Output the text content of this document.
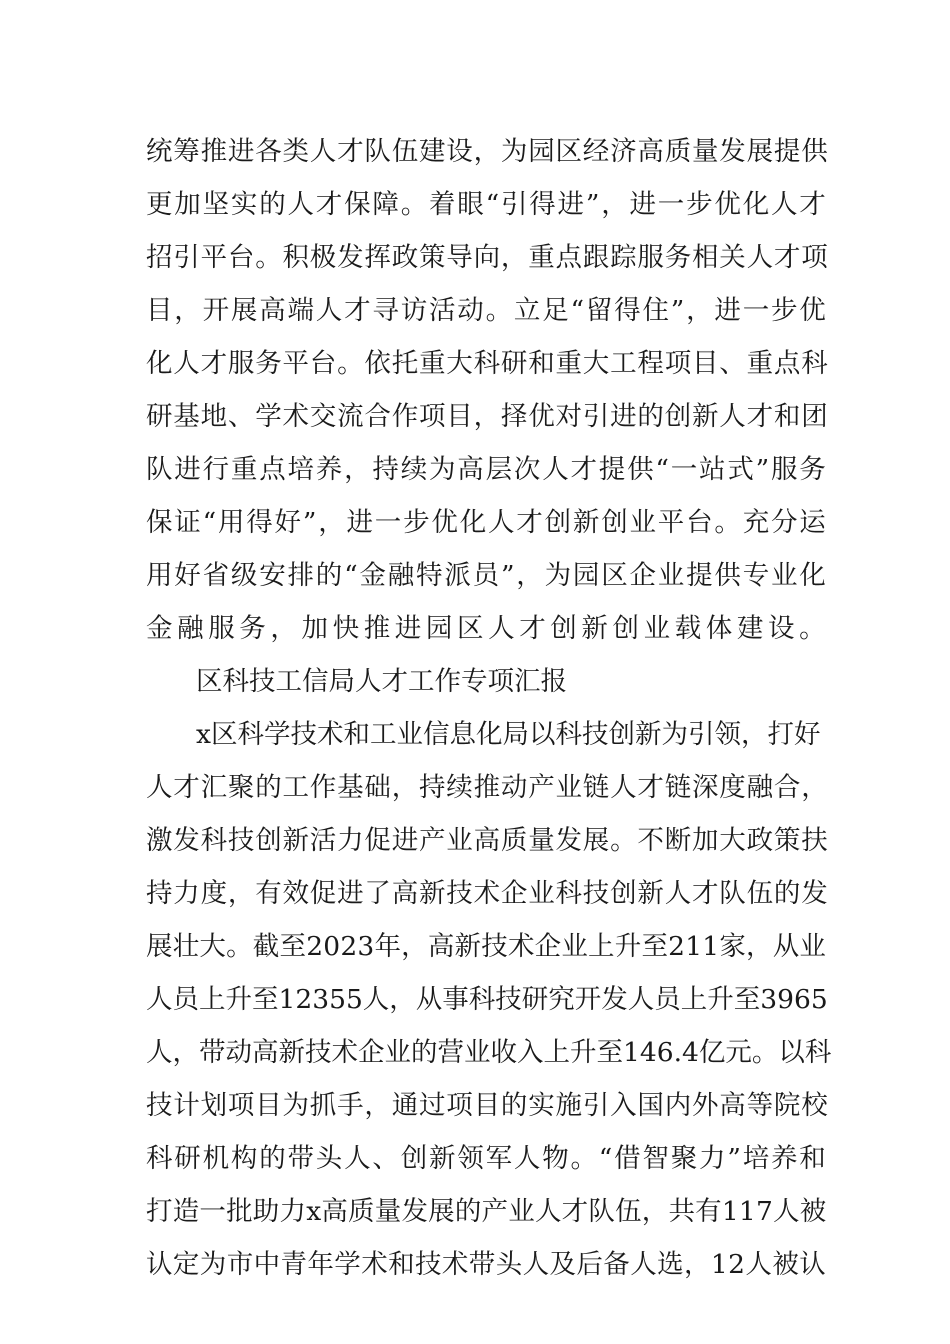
统筹推进各类人才队伍建设，为园区经济高质量发展提供
更加坚实的人才保障。着眼“引得进”，进一步优化人才
招引平台。积极发挥政策导向，重点跟踪服务相关人才项
目，开展高端人才寻访活动。立足“留得住”，进一步优
化人才服务平台。依托重大科研和重大工程项目、重点科
研基地、学术交流合作项目，择优对引进的创新人才和团
队进行重点培养，持续为高层次人才提供“一站式”服务
保证“用得好”，进一步优化人才创新创业平台。充分运
用好省级安排的“金融特派员”，为园区企业提供专业化
金融服务，加快推进园区人才创新创业载体建设。
区科技工信局人才工作专项汇报
x区科学技术和工业信息化局以科技创新为引领，打好
人才汇聚的工作基础，持续推动产业链人才链深度融合，
激发科技创新活力促进产业高质量发展。不断加大政策扶
持力度，有效促进了高新技术企业科技创新人才队伍的发
展壮大。截至2023年，高新技术企业上升至211家，从业
人员上升至12355人，从事科技研究开发人员上升至3965
人，带动高新技术企业的营业收入上升至146.4亿元。以科
技计划项目为抓手，通过项目的实施引入国内外高等院校
科研机构的带头人、创新领军人物。“借智聚力”培养和
打造一批助力x高质量发展的产业人才队伍，共有117人被
认定为市中青年学术和技术带头人及后备人选，12人被认
